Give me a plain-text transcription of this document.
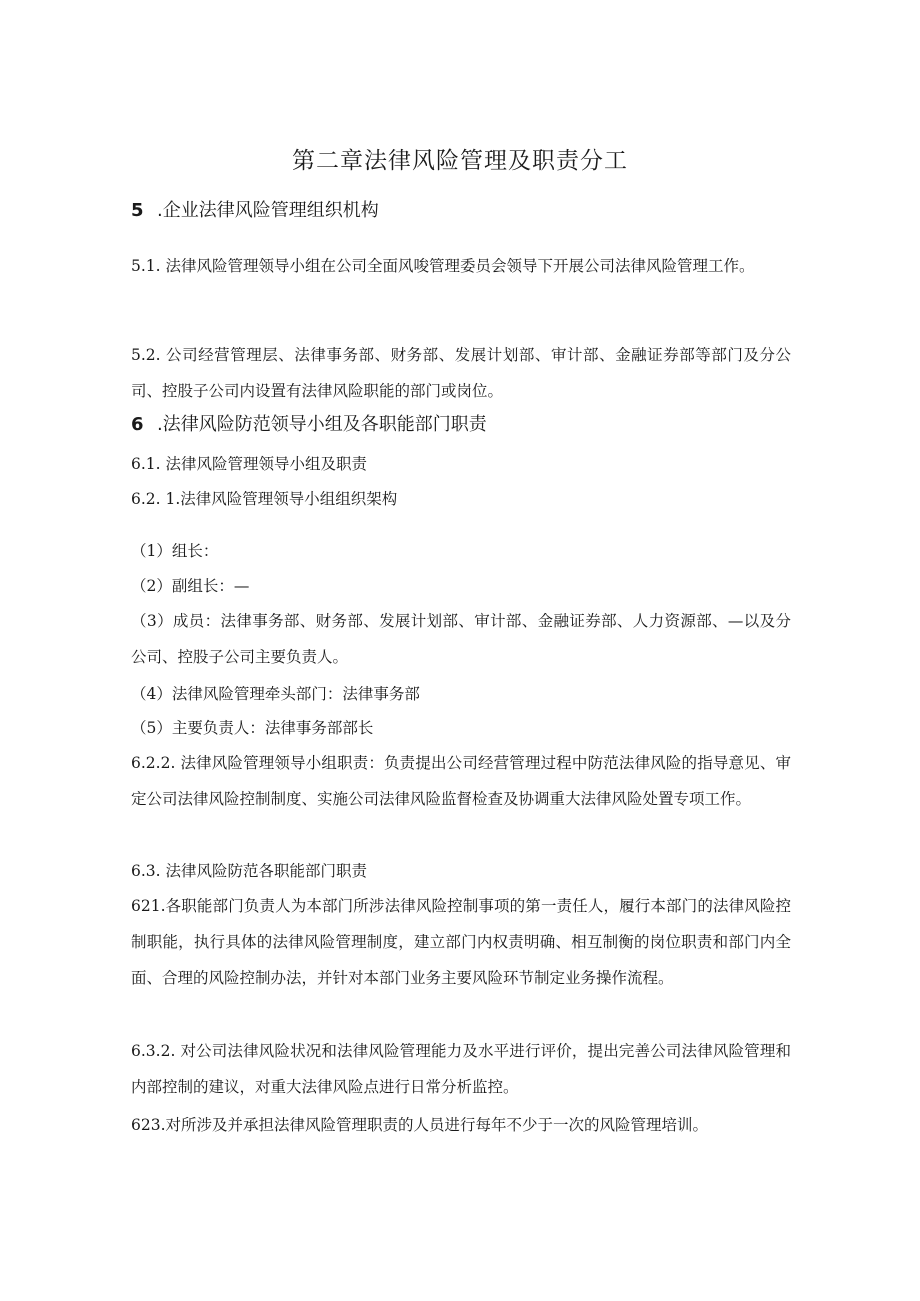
第二章法律风险管理及职责分工
5 .企业法律风险管理组织机构
5.1. 法律风险管理领导小组在公司全面风唆管理委员会领导下开展公司法律风险管理工作。
5.2. 公司经营管理层、法律事务部、财务部、发展计划部、审计部、金融证券部等部门及分公司、控股子公司内设置有法律风险职能的部门或岗位。
6 .法律风险防范领导小组及各职能部门职责
6.1. 法律风险管理领导小组及职责
6.2. 1.法律风险管理领导小组组织架构
（1）组长：
（2）副组长：—
（3）成员：法律事务部、财务部、发展计划部、审计部、金融证券部、人力资源部、—以及分公司、控股子公司主要负责人。
（4）法律风险管理牵头部门：法律事务部
（5）主要负责人：法律事务部部长
6.2.2. 法律风险管理领导小组职责：负责提出公司经营管理过程中防范法律风险的指导意见、审定公司法律风险控制制度、实施公司法律风险监督检查及协调重大法律风险处置专项工作。
6.3. 法律风险防范各职能部门职责
621.各职能部门负责人为本部门所涉法律风险控制事项的第一责任人，履行本部门的法律风险控制职能，执行具体的法律风险管理制度，建立部门内权责明确、相互制衡的岗位职责和部门内全面、合理的风险控制办法，并针对本部门业务主要风险环节制定业务操作流程。
6.3.2. 对公司法律风险状况和法律风险管理能力及水平进行评价，提出完善公司法律风险管理和内部控制的建议，对重大法律风险点进行日常分析监控。
623.对所涉及并承担法律风险管理职责的人员进行每年不少于一次的风险管理培训。
